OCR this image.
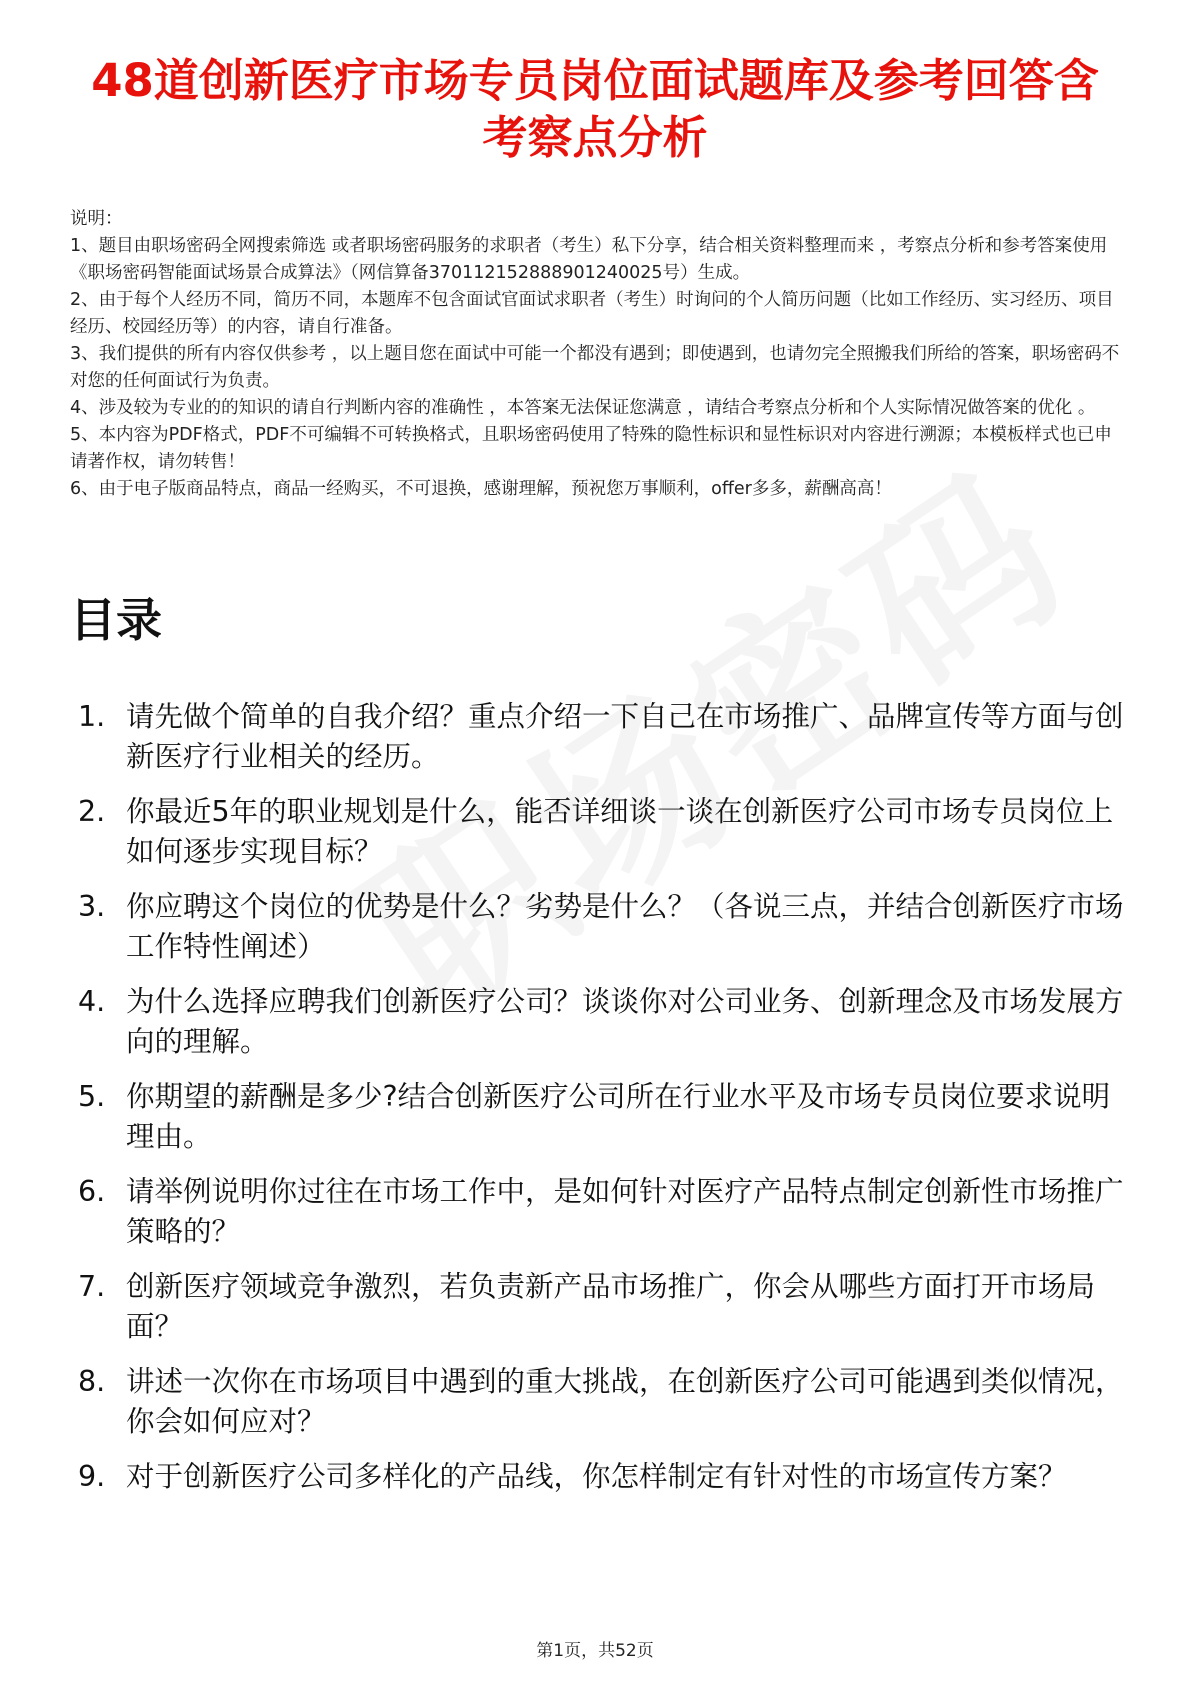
48道创新医疗市场专员岗位面试题库及参考回答含考察点分析

说明：

1、题目由职场密码全网搜索筛选 或者职场密码服务的求职者（考生）私下分享，结合相关资料整理而来 ，考察点分析和参考答案使用《职场密码智能面试场景合成算法》（网信算备370112152888901240025号）生成。

2、由于每个人经历不同，简历不同，本题库不包含面试官面试求职者（考生）时询问的个人简历问题（比如工作经历、实习经历、项目经历、校园经历等）的内容，请自行准备。

3、我们提供的所有内容仅供参考 ，以上题目您在面试中可能一个都没有遇到；即使遇到，也请勿完全照搬我们所给的答案，职场密码不对您的任何面试行为负责。

4、涉及较为专业的的知识的请自行判断内容的准确性 ，本答案无法保证您满意 ，请结合考察点分析和个人实际情况做答案的优化 。

5、本内容为PDF格式，PDF不可编辑不可转换格式，且职场密码使用了特殊的隐性标识和显性标识对内容进行溯源；本模板样式也已申请著作权，请勿转售！

6、由于电子版商品特点，商品一经购买，不可退换，感谢理解，预祝您万事顺利，offer多多，薪酬高高！

目录
1. 请先做个简单的自我介绍？重点介绍一下自己在市场推广、品牌宣传等方面与创新医疗行业相关的经历。
2. 你最近5年的职业规划是什么，能否详细谈一谈在创新医疗公司市场专员岗位上如何逐步实现目标？
3. 你应聘这个岗位的优势是什么？劣势是什么？（各说三点，并结合创新医疗市场工作特性阐述）
4. 为什么选择应聘我们创新医疗公司？谈谈你对公司业务、创新理念及市场发展方向的理解。
5. 你期望的薪酬是多少?结合创新医疗公司所在行业水平及市场专员岗位要求说明理由。
6. 请举例说明你过往在市场工作中，是如何针对医疗产品特点制定创新性市场推广策略的？
7. 创新医疗领域竞争激烈，若负责新产品市场推广，你会从哪些方面打开市场局面？
8. 讲述一次你在市场项目中遇到的重大挑战，在创新医疗公司可能遇到类似情况，你会如何应对？
9. 对于创新医疗公司多样化的产品线，你怎样制定有针对性的市场宣传方案？
第1页，共52页
